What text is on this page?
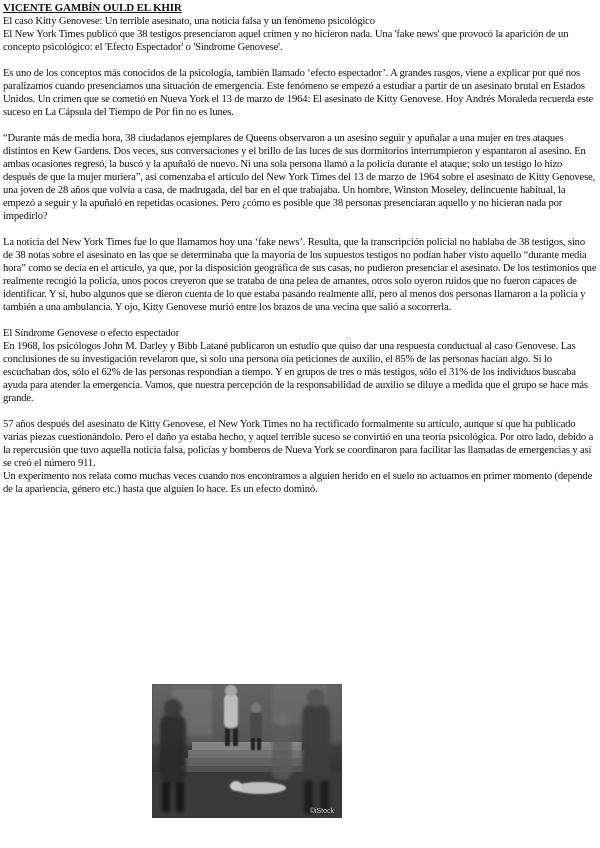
VICENTE GAMBÍN OULD EL KHIR

El caso Kitty Genovese: Un terrible asesinato, una noticia falsa y un fenómeno psicológico

El New York Times publicó que 38 testigos presenciaron aquel crimen y no hicieron nada. Una 'fake news' que provocó la aparición de un concepto psicológico: el 'Efecto Espectador' o 'Síndrome Genovese'.

Es uno de los conceptos más conocidos de la psicología, también llamado ‘efecto espectador’. A grandes rasgos, viene a explicar por qué nos paralizamos cuando presenciamos una situación de emergencia. Este fenómeno se empezó a estudiar a partir de un asesinato brutal en Estados Unidos. Un crimen que se cometió en Nueva York el 13 de marzo de 1964: El asesinato de Kitty Genovese. Hoy Andrés Moraleda recuerda este suceso en La Cápsula del Tiempo de Por fin no es lunes.

“Durante más de media hora, 38 ciudadanos ejemplares de Queens observaron a un asesino seguir y apuñalar a una mujer en tres ataques distintos en Kew Gardens. Dos veces, sus conversaciones y el brillo de las luces de sus dormitorios interrumpieron y espantaron al asesino. En ambas ocasiones regresó, la buscó y la apuñaló de nuevo. Ni una sola persona llamó a la policía durante el ataque; solo un testigo lo hizo después de que la mujer muriera”, así comenzaba el artículo del New York Times del 13 de marzo de 1964 sobre el asesinato de Kitty Genovese, una joven de 28 años que volvía a casa, de madrugada, del bar en el que trabajaba. Un hombre, Winston Moseley, delincuente habitual, la empezó a seguir y la apuñaló en repetidas ocasiones. Pero ¿cómo es posible que 38 personas presenciaran aquello y no hicieran nada por impedirlo?

La noticia del New York Times fue lo que llamamos hoy una ‘fake news’. Resulta, que la transcripción policial no hablaba de 38 testigos, sino de 38 notas sobre el asesinato en las que se determinaba que la mayoría de los supuestos testigos no podían haber visto aquello “durante media hora” como se decía en el artículo, ya que, por la disposición geográfica de sus casas, no pudieron presenciar el asesinato. De los testimonios que realmente recogió la policía, unos pocos creyeron que se trataba de una pelea de amantes, otros solo oyeron ruidos que no fueron capaces de identificar. Y sí, hubo algunos que se dieron cuenta de lo que estaba pasando realmente allí, pero al menos dos personas llamaron a la policía y también a una ambulancia. Y ojo, Kitty Genovese murió entre los brazos de una vecina que salió a socorrerla.

El Síndrome Genovese o efecto espectador

En 1968, los psicólogos John M. Darley y Bibb Latané publicaron un estudio que quiso dar una respuesta conductual al caso Genovese. Las conclusiones de su investigación revelaron que, si solo una persona oía peticiones de auxilio, el 85% de las personas hacían algo. Si lo escuchaban dos, sólo el 62% de las personas respondían a tiempo. Y en grupos de tres o más testigos, sólo el 31% de los individuos buscaba ayuda para atender la emergencia. Vamos, que nuestra percepción de la responsabilidad de auxilio se diluye a medida que el grupo se hace más grande.

57 años después del asesinato de Kitty Genovese, el New York Times no ha rectificado formalmente su artículo, aunque sí que ha publicado varias piezas cuestionándolo. Pero el daño ya estaba hecho, y aquel terrible suceso se convirtió en una teoría psicológica. Por otro lado, debido a la repercusión que tuvo aquella noticia falsa, policías y bomberos de Nueva York se coordinaron para facilitar las llamadas de emergencias y así se creó el número 911.

Un experimento nos relata como muchas veces cuando nos encontramos a alguien herido en el suelo no actuamos en primer momento (depende de la apariencia, género etc.) hasta que alguien lo hace. Es un efecto dominó.

©iStock
